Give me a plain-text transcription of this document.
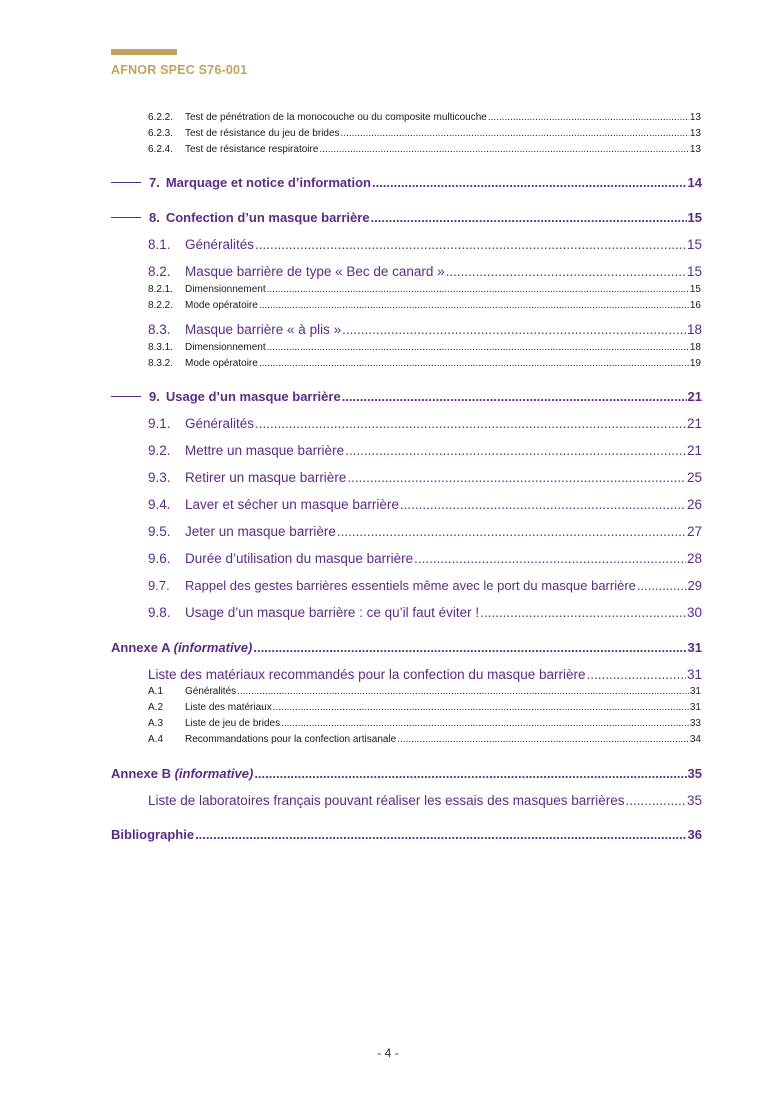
AFNOR SPEC S76-001
6.2.2.	Test de pénétration de la monocouche ou du composite multicouche .....	13
6.2.3.	Test de résistance du jeu de brides .....	13
6.2.4.	Test de résistance respiratoire .....	13
7. Marquage et notice d’information .....	14
8. Confection d’un masque barrière .....	15
8.1.	Généralités .....	15
8.2.	Masque barrière de type « Bec de canard » .....	15
8.2.1.	Dimensionnement .....	15
8.2.2.	Mode opératoire .....	16
8.3.	Masque barrière « à plis » .....	18
8.3.1.	Dimensionnement .....	18
8.3.2.	Mode opératoire .....	19
9. Usage d’un masque barrière .....	21
9.1.	Généralités .....	21
9.2.	Mettre un masque barrière .....	21
9.3.	Retirer un masque barrière .....	25
9.4.	Laver et sécher un masque barrière .....	26
9.5.	Jeter un masque barrière .....	27
9.6.	Durée d’utilisation du masque barrière .....	28
9.7.	Rappel des gestes barrières essentiels même avec le port du masque barrière .....	29
9.8.	Usage d’un masque barrière : ce qu’il faut éviter ! .....	30
Annexe A (informative) .....	31
Liste des matériaux recommandés pour la confection du masque barrière .....	31
A.1	Généralités .....	31
A.2	Liste des matériaux .....	31
A.3	Liste de jeu de brides .....	33
A.4	Recommandations pour la confection artisanale .....	34
Annexe B (informative) .....	35
Liste de laboratoires français pouvant réaliser les essais des masques barrières .....	35
Bibliographie .....	36
- 4 -
